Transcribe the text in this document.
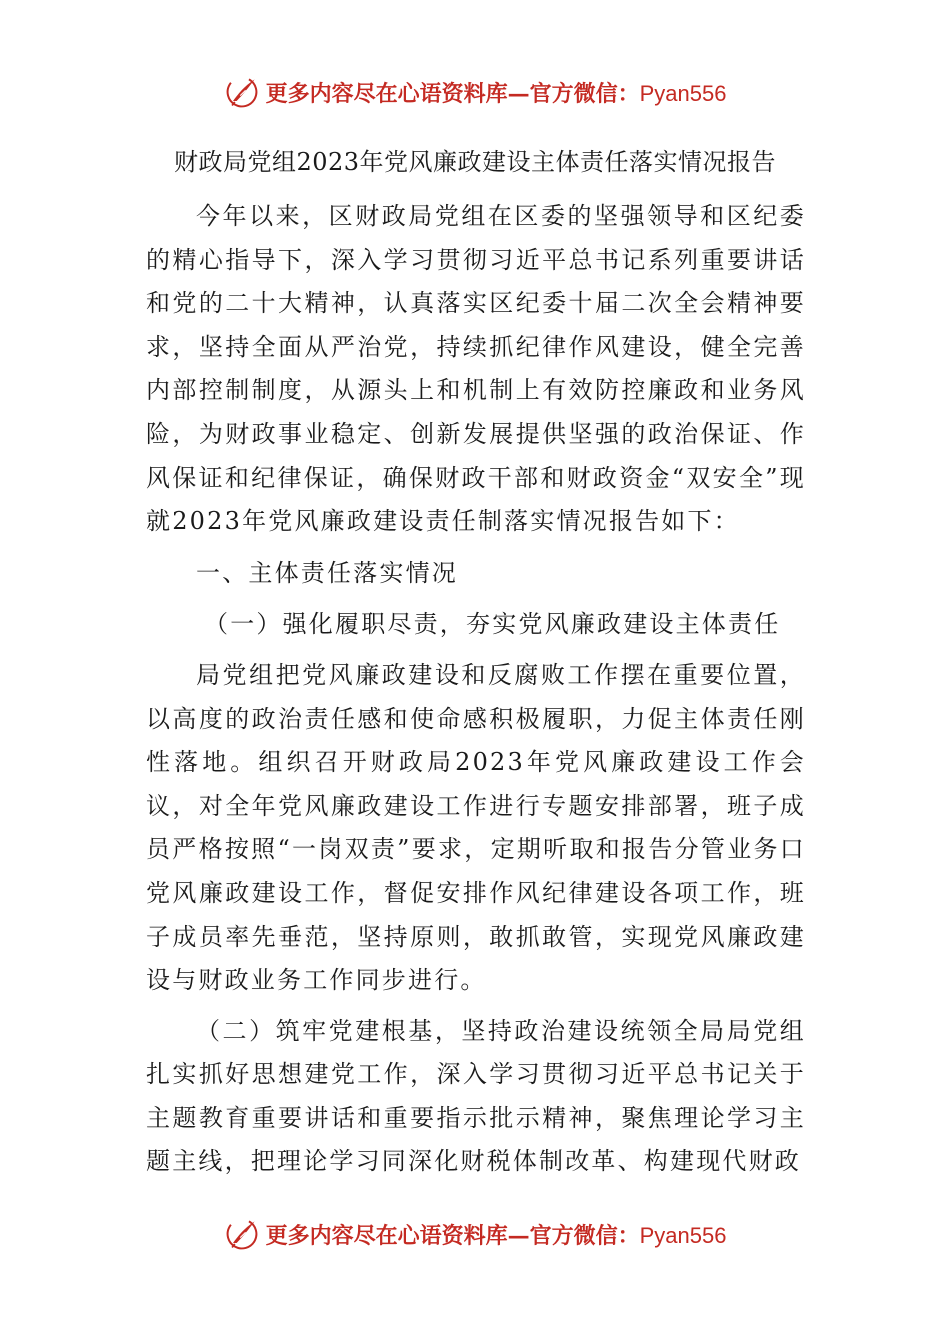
更多内容尽在心语资料库—官方微信：Pyan556
财政局党组2023年党风廉政建设主体责任落实情况报告

今年以来，区财政局党组在区委的坚强领导和区纪委的精心指导下，深入学习贯彻习近平总书记系列重要讲话和党的二十大精神，认真落实区纪委十届二次全会精神要求，坚持全面从严治党，持续抓纪律作风建设，健全完善内部控制制度，从源头上和机制上有效防控廉政和业务风险，为财政事业稳定、创新发展提供坚强的政治保证、作风保证和纪律保证，确保财政干部和财政资金“双安全”现就2023年党风廉政建设责任制落实情况报告如下：

一、主体责任落实情况

（一）强化履职尽责，夯实党风廉政建设主体责任

局党组把党风廉政建设和反腐败工作摆在重要位置，以高度的政治责任感和使命感积极履职，力促主体责任刚性落地。组织召开财政局2023年党风廉政建设工作会议，对全年党风廉政建设工作进行专题安排部署，班子成员严格按照“一岗双责”要求，定期听取和报告分管业务口党风廉政建设工作，督促安排作风纪律建设各项工作，班子成员率先垂范，坚持原则，敢抓敢管，实现党风廉政建设与财政业务工作同步进行。

（二）筑牢党建根基，坚持政治建设统领全局局党组扎实抓好思想建党工作，深入学习贯彻习近平总书记关于主题教育重要讲话和重要指示批示精神，聚焦理论学习主题主线，把理论学习同深化财税体制改革、构建现代财政

更多内容尽在心语资料库—官方微信：Pyan556
